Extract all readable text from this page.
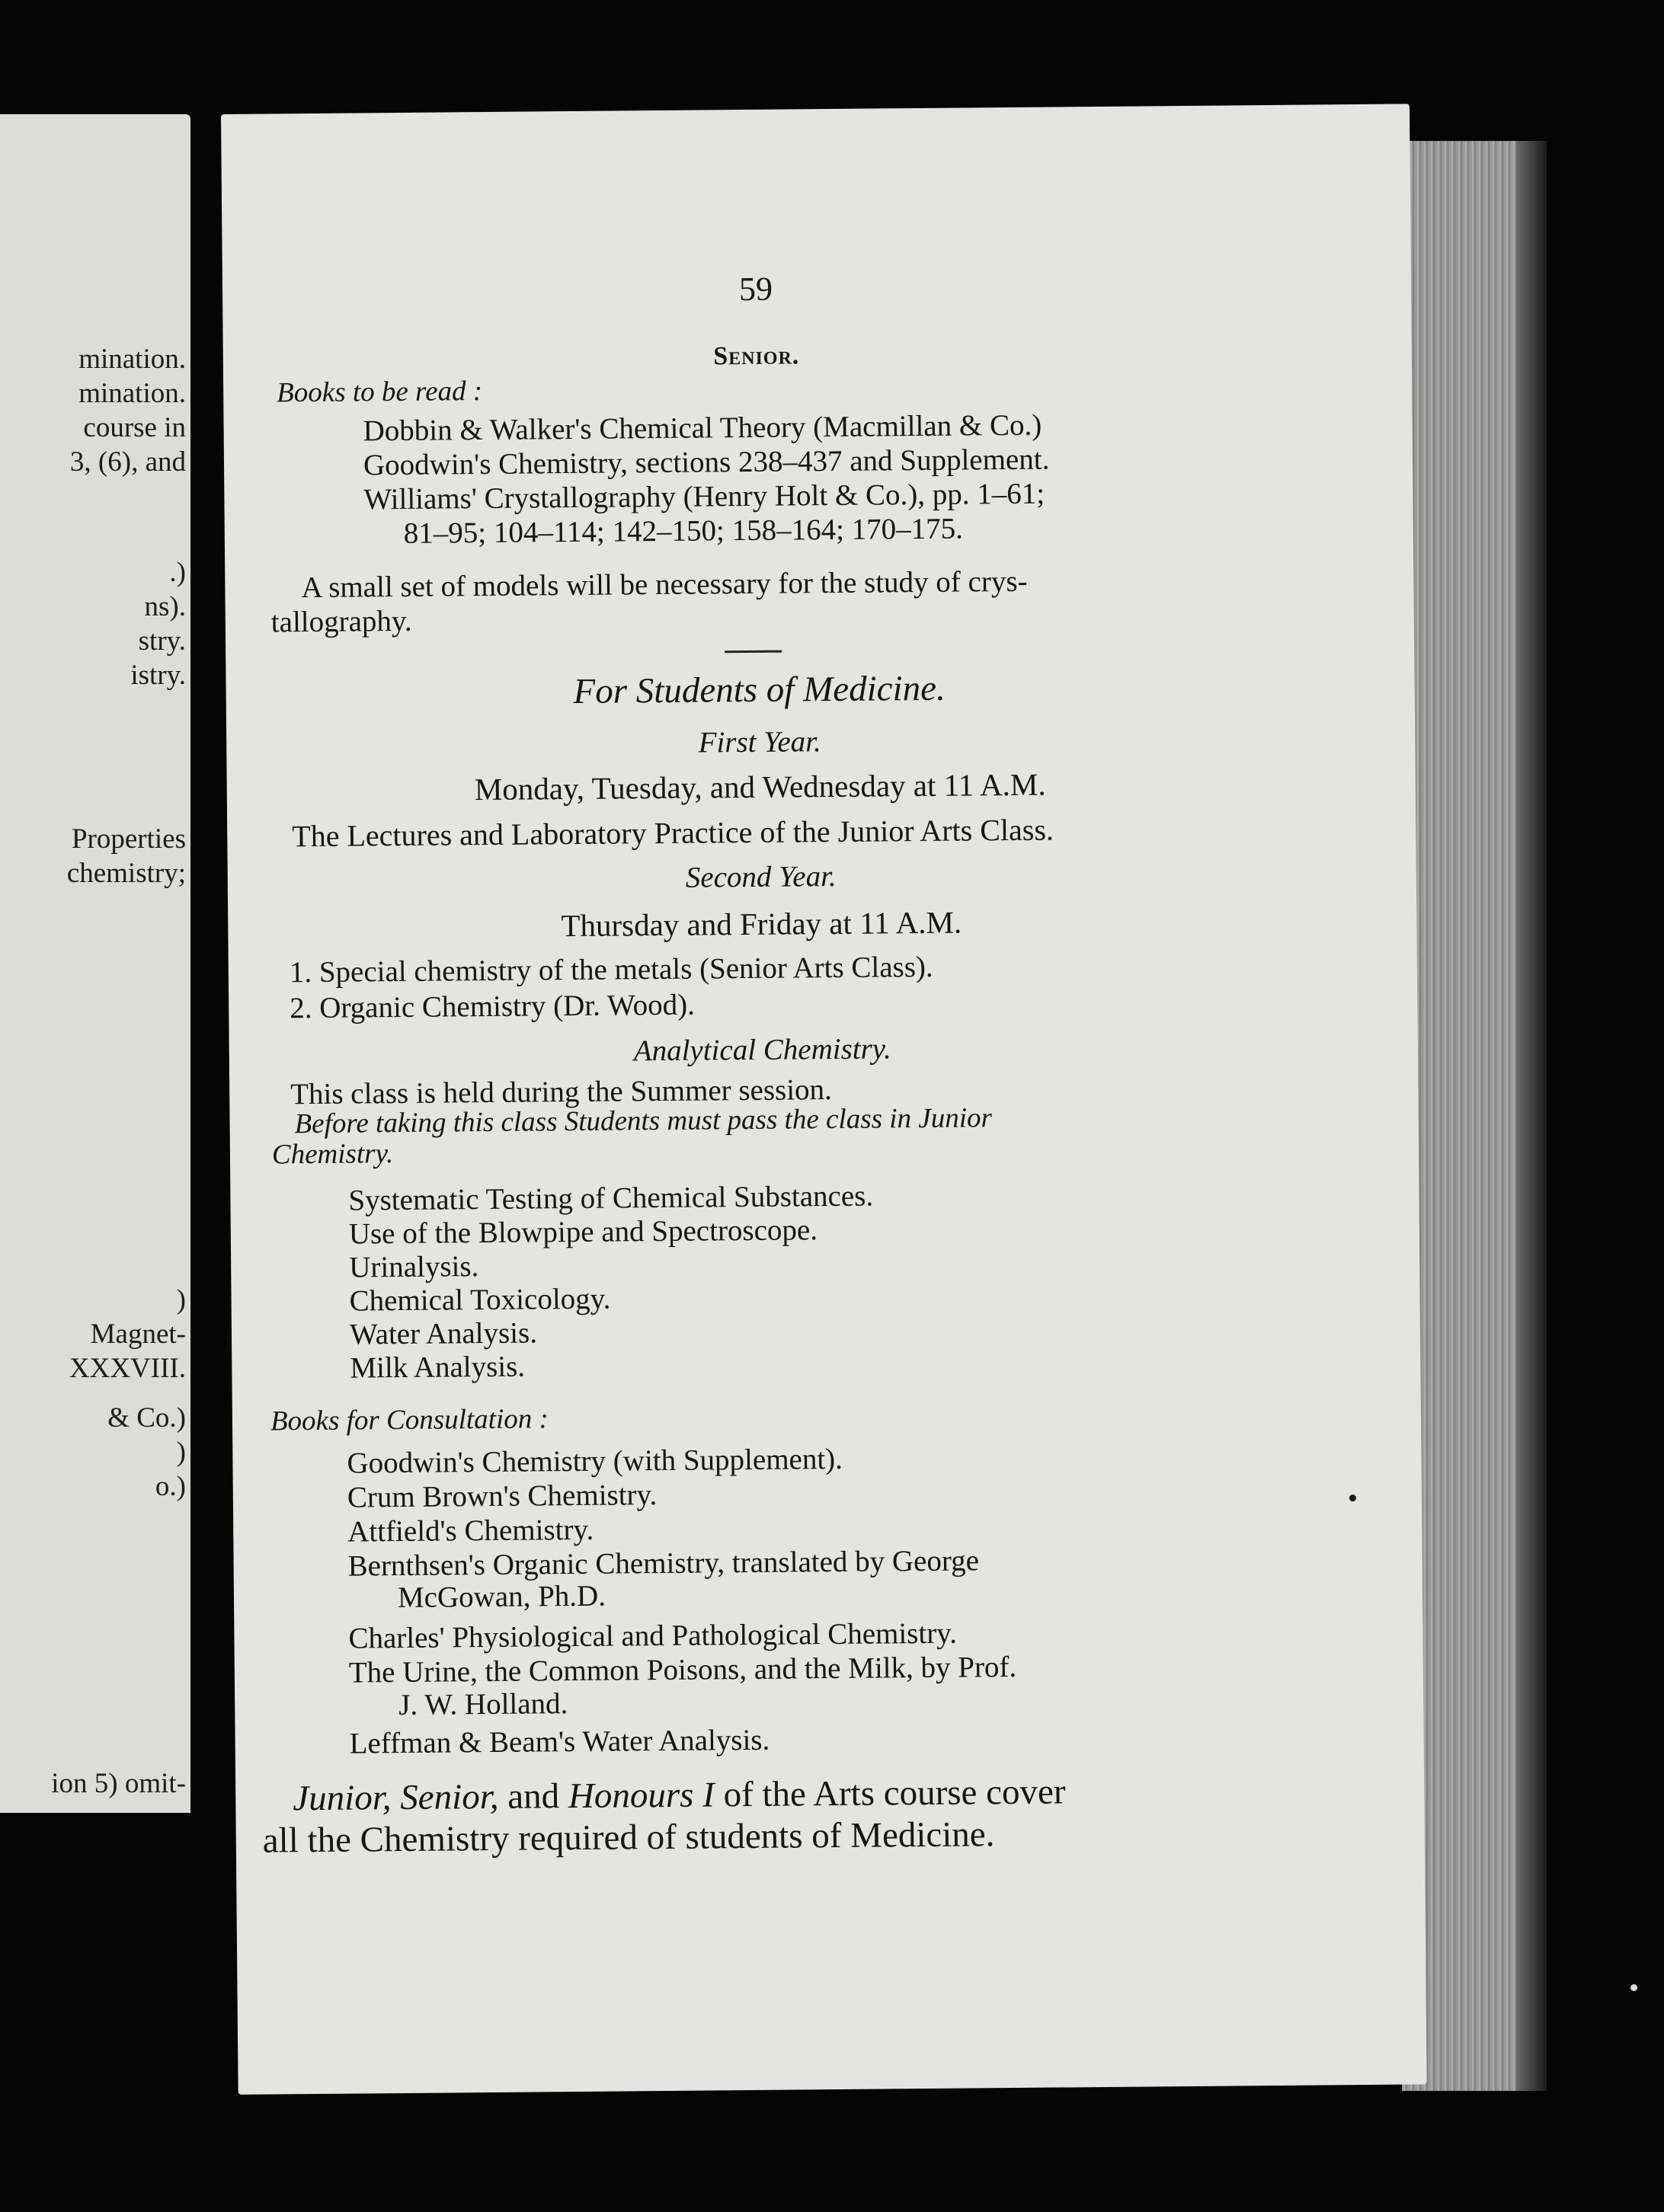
mination.
mination.
course in
3, (6), and
.)
ns).
stry.
istry.
Properties
chemistry;
)
Magnet-
XXXVIII.
& Co.)
)
o.)
ion 5) omit-
59
Senior.
Books to be read :
Dobbin & Walker's Chemical Theory (Macmillan & Co.)
Goodwin's Chemistry, sections 238–437 and Supplement.
Williams' Crystallography (Henry Holt & Co.), pp. 1–61;
81–95; 104–114; 142–150; 158–164; 170–175.
A small set of models will be necessary for the study of crys-
tallography.
For Students of Medicine.
First Year.
Monday, Tuesday, and Wednesday at 11 A.M.
The Lectures and Laboratory Practice of the Junior Arts Class.
Second Year.
Thursday and Friday at 11 A.M.
1. Special chemistry of the metals (Senior Arts Class).
2. Organic Chemistry (Dr. Wood).
Analytical Chemistry.
This class is held during the Summer session.
Before taking this class Students must pass the class in Junior
Chemistry.
Systematic Testing of Chemical Substances.
Use of the Blowpipe and Spectroscope.
Urinalysis.
Chemical Toxicology.
Water Analysis.
Milk Analysis.
Books for Consultation :
Goodwin's Chemistry (with Supplement).
Crum Brown's Chemistry.
Attfield's Chemistry.
Bernthsen's Organic Chemistry, translated by George
McGowan, Ph.D.
Charles' Physiological and Pathological Chemistry.
The Urine, the Common Poisons, and the Milk, by Prof.
J. W. Holland.
Leffman & Beam's Water Analysis.
Junior, Senior, and Honours I of the Arts course cover
all the Chemistry required of students of Medicine.
